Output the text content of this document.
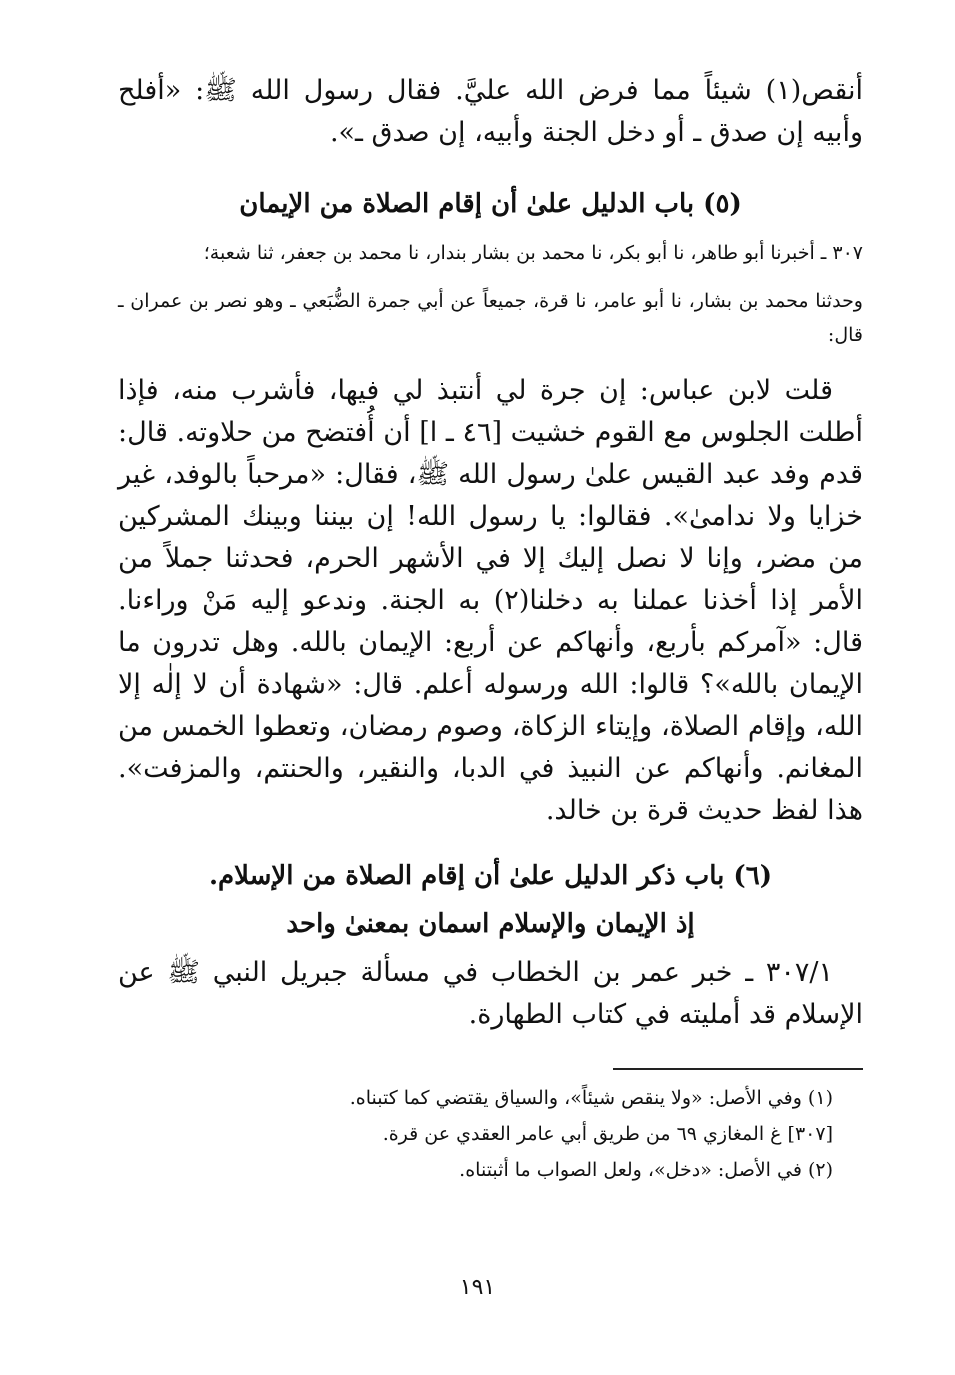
أنقص(١) شيئاً مما فرض الله عليَّ. فقال رسول الله ﷺ: «أفلح وأبيه إن صدق ـ أو دخل الجنة وأبيه، إن صدق ـ».

(٥) باب الدليل علىٰ أن إقام الصلاة من الإيمان

٣٠٧ ـ أخبرنا أبو طاهر، نا أبو بكر، نا محمد بن بشار بندار، نا محمد بن جعفر، ثنا شعبة؛

وحدثنا محمد بن بشار، نا أبو عامر، نا قرة، جميعاً عن أبي جمرة الضُّبَعي ـ وهو نصر بن عمران ـ قال:

قلت لابن عباس: إن جرة لي أنتبذ لي فيها، فأشرب منه، فإذا أطلت الجلوس مع القوم خشيت [٤٦ ـ ا] أن أُفتضح من حلاوته. قال: قدم وفد عبد القيس علىٰ رسول الله ﷺ، فقال: «مرحباً بالوفد، غير خزايا ولا ندامىٰ». فقالوا: يا رسول الله! إن بيننا وبينك المشركين من مضر، وإنا لا نصل إليك إلا في الأشهر الحرم، فحدثنا جملاً من الأمر إذا أخذنا عملنا به دخلنا(٢) به الجنة. وندعو إليه مَنْ وراءنا. قال: «آمركم بأربع، وأنهاكم عن أربع: الإيمان بالله. وهل تدرون ما الإيمان بالله»؟ قالوا: الله ورسوله أعلم. قال: «شهادة أن لا إلٰه إلا الله، وإقام الصلاة، وإيتاء الزكاة، وصوم رمضان، وتعطوا الخمس من المغانم. وأنهاكم عن النبيذ في الدبا، والنقير، والحنتم، والمزفت». هذا لفظ حديث قرة بن خالد.

(٦) باب ذكر الدليل علىٰ أن إقام الصلاة من الإسلام.

إذ الإيمان والإسلام اسمان بمعنىٰ واحد

٣٠٧/١ ـ خبر عمر بن الخطاب في مسألة جبريل النبي ﷺ عن الإسلام قد أمليته في كتاب الطهارة.

(١) وفي الأصل: «ولا ينقص شيئاً»، والسياق يقتضي كما كتبناه.

[٣٠٧] غ المغازي ٦٩ من طريق أبي عامر العقدي عن قرة.

(٢) في الأصل: «دخل»، ولعل الصواب ما أثبتناه.

١٩١
